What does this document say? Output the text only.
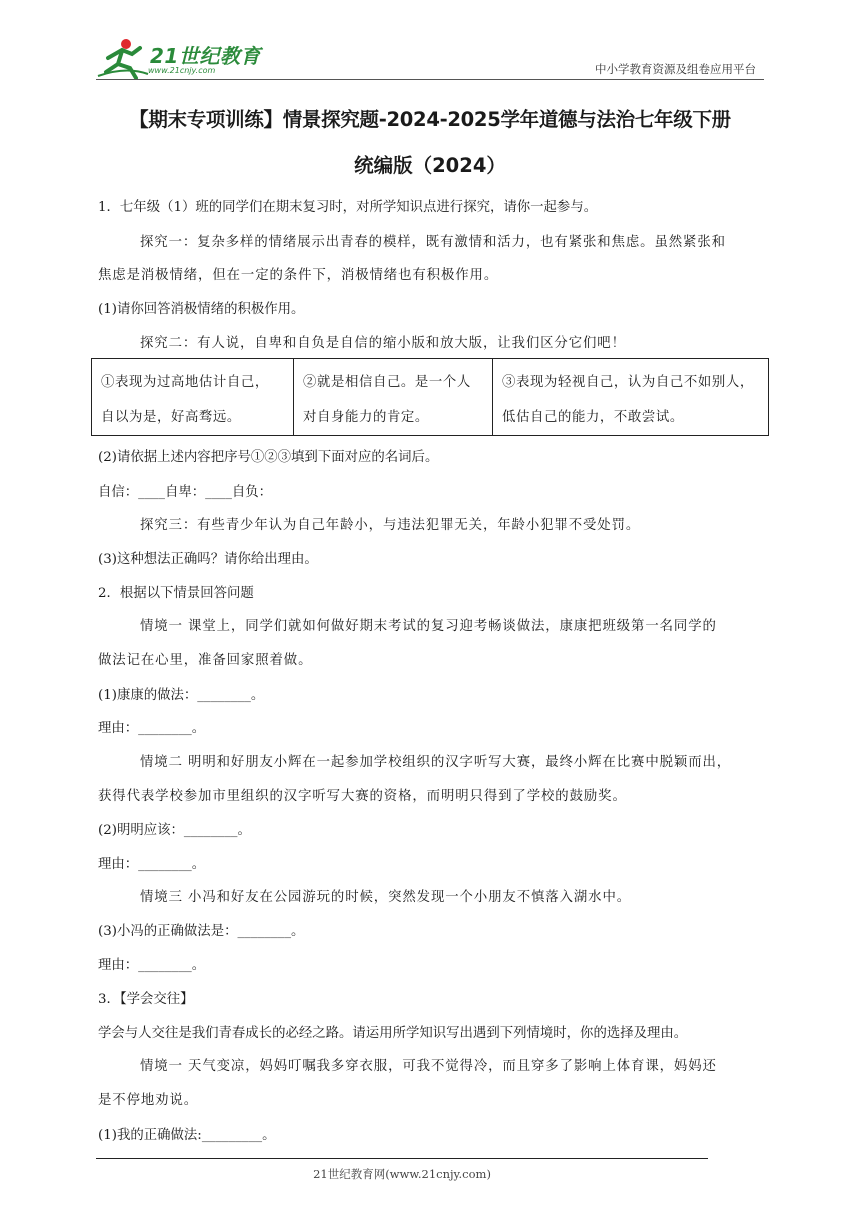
21世纪教育
www.21cnjy.com	中小学教育资源及组卷应用平台
【期末专项训练】情景探究题-2024-2025学年道德与法治七年级下册
统编版（2024）
1．七年级（1）班的同学们在期末复习时，对所学知识点进行探究，请你一起参与。
探究一：复杂多样的情绪展示出青春的模样，既有激情和活力，也有紧张和焦虑。虽然紧张和
焦虑是消极情绪，但在一定的条件下，消极情绪也有积极作用。
(1)请你回答消极情绪的积极作用。
探究二：有人说，自卑和自负是自信的缩小版和放大版，让我们区分它们吧！
①表现为过高地估计自己，
自以为是，好高骛远。
②就是相信自己。是一个人
对自身能力的肯定。
③表现为轻视自己，认为自己不如别人，
低估自己的能力，不敢尝试。
(2)请依据上述内容把序号①②③填到下面对应的名词后。
自信：____自卑：____自负：
探究三：有些青少年认为自己年龄小，与违法犯罪无关，年龄小犯罪不受处罚。
(3)这种想法正确吗？请你给出理由。
2．根据以下情景回答问题
情境一 课堂上，同学们就如何做好期末考试的复习迎考畅谈做法，康康把班级第一名同学的
做法记在心里，准备回家照着做。
(1)康康的做法：________。
理由：________。
情境二 明明和好朋友小辉在一起参加学校组织的汉字听写大赛，最终小辉在比赛中脱颖而出，
获得代表学校参加市里组织的汉字听写大赛的资格，而明明只得到了学校的鼓励奖。
(2)明明应该：________。
理由：________。
情境三 小冯和好友在公园游玩的时候，突然发现一个小朋友不慎落入湖水中。
(3)小冯的正确做法是：________。
理由：________。
3．【学会交往】
学会与人交往是我们青春成长的必经之路。请运用所学知识写出遇到下列情境时，你的选择及理由。
情境一 天气变凉，妈妈叮嘱我多穿衣服，可我不觉得冷，而且穿多了影响上体育课，妈妈还
是不停地劝说。
(1)我的正确做法:_________。
21世纪教育网(www.21cnjy.com)
